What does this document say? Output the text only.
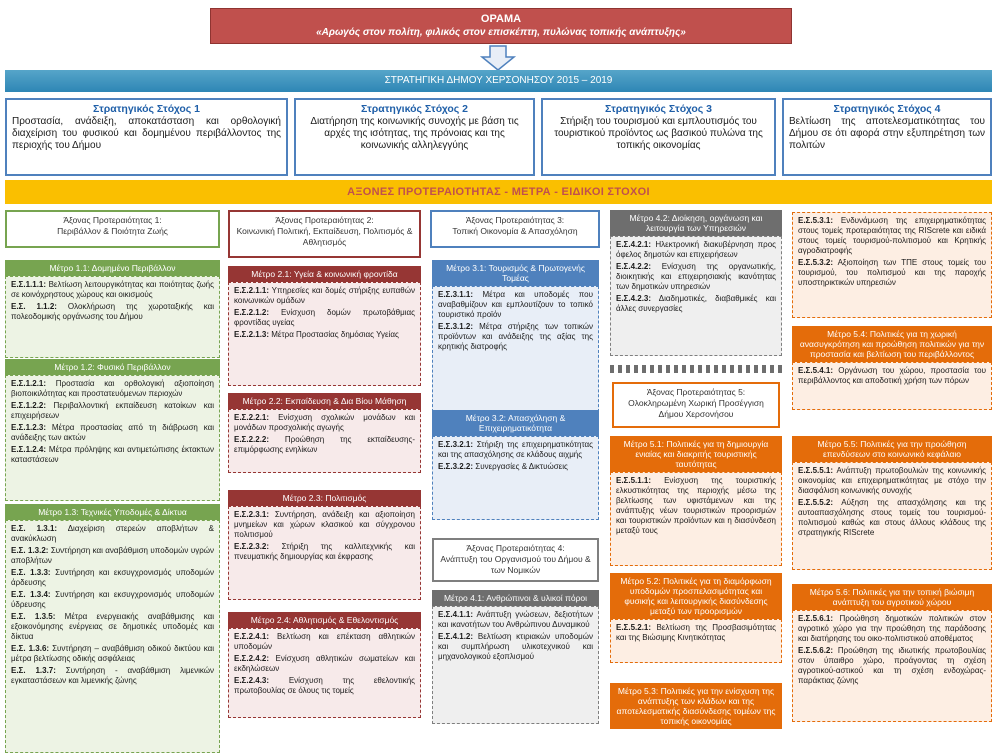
ΟΡΑΜΑ
«Αρωγός στον πολίτη, φιλικός στον επισκέπτη, πυλώνας τοπικής ανάπτυξης»
ΣΤΡΑΤΗΓΙΚΗ ΔΗΜΟΥ ΧΕΡΣΟΝΗΣΟΥ 2015 – 2019
Στρατηγικός Στόχος 1
Προστασία, ανάδειξη, αποκατάσταση και ορθολογική διαχείριση του φυσικού και δομημένου περιβάλλοντος της περιοχής του Δήμου
Στρατηγικός Στόχος 2
Διατήρηση της κοινωνικής συνοχής με βάση τις αρχές της ισότητας, της πρόνοιας και της κοινωνικής αλληλεγγύης
Στρατηγικός Στόχος 3
Στήριξη του τουρισμού και εμπλουτισμός του τουριστικού προϊόντος ως βασικού πυλώνα της τοπικής οικονομίας
Στρατηγικός Στόχος 4
Βελτίωση της αποτελεσματικότητας του Δήμου σε ότι αφορά στην εξυπηρέτηση των πολιτών
ΑΞΟΝΕΣ ΠΡΟΤΕΡΑΙΟΤΗΤΑΣ - ΜΕΤΡΑ - ΕΙΔΙΚΟΙ ΣΤΟΧΟΙ
Άξονας Προτεραιότητας 1:
Περιβάλλον & Ποιότητα Ζωής
Μέτρο 1.1: Δομημένο Περιβάλλον

Ε.Σ.1.1.1: Βελτίωση λειτουργικότητας και ποιότητας ζωής σε κοινόχρηστους χώρους και οικισμούς

Ε.Σ. 1.1.2: Ολοκλήρωση της χωροταξικής και πολεοδομικής οργάνωσης του Δήμου

Μέτρο 1.2: Φυσικό Περιβάλλον

Ε.Σ.1.2.1: Προστασία και ορθολογική αξιοποίηση βιοποικιλότητας και προστατευόμενων περιοχών

Ε.Σ.1.2.2: Περιβαλλοντική εκπαίδευση κατοίκων και επιχειρήσεων

Ε.Σ.1.2.3: Μέτρα προστασίας από τη διάβρωση και ανάδειξης των ακτών

Ε.Σ.1.2.4: Μέτρα πρόληψης και αντιμετώπισης έκτακτων καταστάσεων

Μέτρο 1.3: Τεχνικές Υποδομές & Δίκτυα

Ε.Σ. 1.3.1: Διαχείριση στερεών αποβλήτων & ανακύκλωση

Ε.Σ. 1.3.2: Συντήρηση και αναβάθμιση υποδομών υγρών αποβλήτων

Ε.Σ. 1.3.3: Συντήρηση και εκσυγχρονισμός υποδομών άρδευσης

Ε.Σ. 1.3.4: Συντήρηση και εκσυγχρονισμός υποδομών ύδρευσης

Ε.Σ. 1.3.5: Μέτρα ενεργειακής αναβάθμισης και εξοικονόμησης ενέργειας σε δημοτικές υποδομές και δίκτυα

Ε.Σ. 1.3.6: Συντήρηση – αναβάθμιση οδικού δικτύου και μέτρα βελτίωσης οδικής ασφάλειας

Ε.Σ. 1.3.7: Συντήρηση - αναβάθμιση λιμενικών εγκαταστάσεων και λιμενικής ζώνης

Άξονας Προτεραιότητας 2:
Κοινωνική Πολιτική, Εκπαίδευση, Πολιτισμός & Αθλητισμός
Μέτρο 2.1: Υγεία & κοινωνική φροντίδα

Ε.Σ.2.1.1: Υπηρεσίες και δομές στήριξης ευπαθών κοινωνικών ομάδων

Ε.Σ.2.1.2: Ενίσχυση δομών πρωτοβάθμιας φροντίδας υγείας

Ε.Σ.2.1.3: Μέτρα Προστασίας δημόσιας Υγείας

Μέτρο 2.2: Εκπαίδευση & Δια Βίου Μάθηση

Ε.Σ.2.2.1: Ενίσχυση σχολικών μονάδων και μονάδων προσχολικής αγωγής

Ε.Σ.2.2.2: Προώθηση της εκπαίδευσης-επιμόρφωσης ενηλίκων

Μέτρο 2.3: Πολιτισμός

Ε.Σ.2.3.1: Συντήρηση, ανάδειξη και αξιοποίηση μνημείων και χώρων κλασικού και σύγχρονου πολιτισμού

Ε.Σ.2.3.2: Στήριξη της καλλιτεχνικής και πνευματικής δημιουργίας και έκφρασης

Μέτρο 2.4: Αθλητισμός & Εθελοντισμός

Ε.Σ.2.4.1: Βελτίωση και επέκταση αθλητικών υποδομών

Ε.Σ.2.4.2: Ενίσχυση αθλητικών σωματείων και εκδηλώσεων

Ε.Σ.2.4.3: Ενίσχυση της εθελοντικής πρωτοβουλίας σε όλους τις τομείς

Άξονας Προτεραιότητας 3:
Τοπική Οικονομία & Απασχόληση
Μέτρο 3.1: Τουρισμός & Πρωτογενής Τομέας

Ε.Σ.3.1.1: Μέτρα και υποδομές που αναβαθμίζουν και εμπλουτίζουν το τοπικό τουριστικό προϊόν

Ε.Σ.3.1.2: Μέτρα στήριξης των τοπικών προϊόντων και ανάδειξης της αξίας της κρητικής διατροφής

Μέτρο 3.2: Απασχόληση & Επιχειρηματικότητα

Ε.Σ.3.2.1: Στήριξη της επιχειρηματικότητας και της απασχόλησης σε κλάδους αιχμής

Ε.Σ.3.2.2: Συνεργασίες & Δικτυώσεις

Άξονας Προτεραιότητας 4:
Ανάπτυξη του Οργανισμού του Δήμου & των Νομικών
Μέτρο 4.1: Ανθρώπινοι & υλικοί πόροι

Ε.Σ.4.1.1: Ανάπτυξη γνώσεων, δεξιοτήτων και ικανοτήτων του Ανθρώπινου Δυναμικού

Ε.Σ.4.1.2: Βελτίωση κτιριακών υποδομών και συμπλήρωση υλικοτεχνικού και μηχανολογικού εξοπλισμού

Μέτρο 4.2: Διοίκηση, οργάνωση και λειτουργία των Υπηρεσιών

Ε.Σ.4.2.1: Ηλεκτρονική διακυβέρνηση προς όφελος δημοτών και επιχειρήσεων

Ε.Σ.4.2.2: Ενίσχυση της οργανωτικής, διοικητικής και επιχειρησιακής ικανότητας των δημοτικών υπηρεσιών

Ε.Σ.4.2.3: Διαδημοτικές, διαβαθμικές και άλλες συνεργασίες

Άξονας Προτεραιότητας 5:
Ολοκληρωμένη Χωρική Προσέγγιση Δήμου Χερσονήσου
Μέτρο 5.1: Πολιτικές για τη δημιουργία ενιαίας και διακριτής τουριστικής ταυτότητας

Ε.Σ.5.1.1: Ενίσχυση της τουριστικής ελκυστικότητας της περιοχής μέσω της βελτίωσης των υφιστάμενων και της ανάπτυξης νέων τουριστικών προορισμών και τουριστικών προϊόντων και η διασύνδεση μεταξύ τους

Μέτρο 5.2: Πολιτικές για τη διαμόρφωση υποδομών προσπελασιμότητας και φυσικής και λειτουργικής διασύνδεσης μεταξύ των προορισμών

Ε.Σ.5.2.1: Βελτίωση της Προσβασιμότητας και της Βιώσιμης Κινητικότητας

Μέτρο 5.3: Πολιτικές για την ενίσχυση της ανάπτυξης των κλάδων και της αποτελεσματικής διασύνδεσης τομέων της τοπικής οικονομίας

Ε.Σ.5.3.1: Ενδυνάμωση της επιχειρηματικότητας στους τομείς προτεραιότητας της RIScrete και ειδικά στους τομείς τουρισμού-πολιτισμού και Κρητικής αγροδιατροφής

Ε.Σ.5.3.2: Αξιοποίηση των ΤΠΕ στους τομείς του τουρισμού, του πολιτισμού και της παροχής υποστηρικτικών υπηρεσιών

Μέτρο 5.4: Πολιτικές για τη χωρική ανασυγκρότηση και προώθηση πολιτικών για την προστασία και βελτίωση του περιβάλλοντος

Ε.Σ.5.4.1: Οργάνωση του χώρου, προστασία του περιβάλλοντος και αποδοτική χρήση των πόρων

Μέτρο 5.5: Πολιτικές για την προώθηση επενδύσεων στο κοινωνικό κεφάλαιο

Ε.Σ.5.5.1: Ανάπτυξη πρωτοβουλιών της κοινωνικής οικονομίας και επιχειρηματικότητας με στόχο την διασφάλιση κοινωνικής συνοχής

Ε.Σ.5.5.2: Αύξηση της απασχόλησης και της αυτοαπασχόλησης στους τομείς του τουρισμού-πολιτισμού καθώς και στους άλλους κλάδους της στρατηγικής RIScrete

Μέτρο 5.6: Πολιτικές για την τοπική βιώσιμη ανάπτυξη του αγροτικού χώρου

Ε.Σ.5.6.1: Προώθηση δημοτικών πολιτικών στον αγροτικό χώρο για την προώθηση της παράδοσης και διατήρησης του οικο-πολιτιστικού αποθέματος

Ε.Σ.5.6.2: Προώθηση της ιδιωτικής πρωτοβουλίας στον ύπαιθρο χώρο, προάγοντας τη σχέση αγροτικού-αστικού και τη σχέση ενδοχώρας-παράκτιας ζώνης
